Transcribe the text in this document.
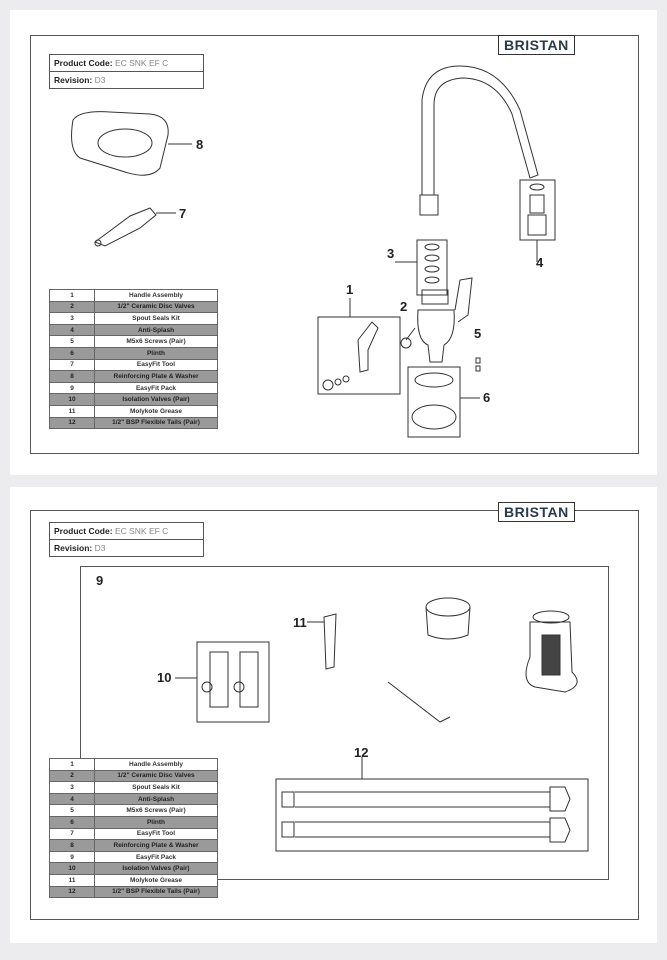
BRISTAN
Product Code: EC SNK EF C
Revision: D3
1	Handle Assembly
2	1/2" Ceramic Disc Valves
3	Spout Seals Kit
4	Anti-Splash
5	M5x6 Screws (Pair)
6	Plinth
7	EasyFit Tool
8	Reinforcing Plate & Washer
9	EasyFit Pack
10	Isolation Valves (Pair)
11	Molykote Grease
12	1/2" BSP Flexible Tails (Pair)
8
7
3
4
1
2
5
6
BRISTAN
Product Code: EC SNK EF C
Revision: D3
1	Handle Assembly
2	1/2" Ceramic Disc Valves
3	Spout Seals Kit
4	Anti-Splash
5	M5x6 Screws (Pair)
6	Plinth
7	EasyFit Tool
8	Reinforcing Plate & Washer
9	EasyFit Pack
10	Isolation Valves (Pair)
11	Molykote Grease
12	1/2" BSP Flexible Tails (Pair)
9
11
10
12
